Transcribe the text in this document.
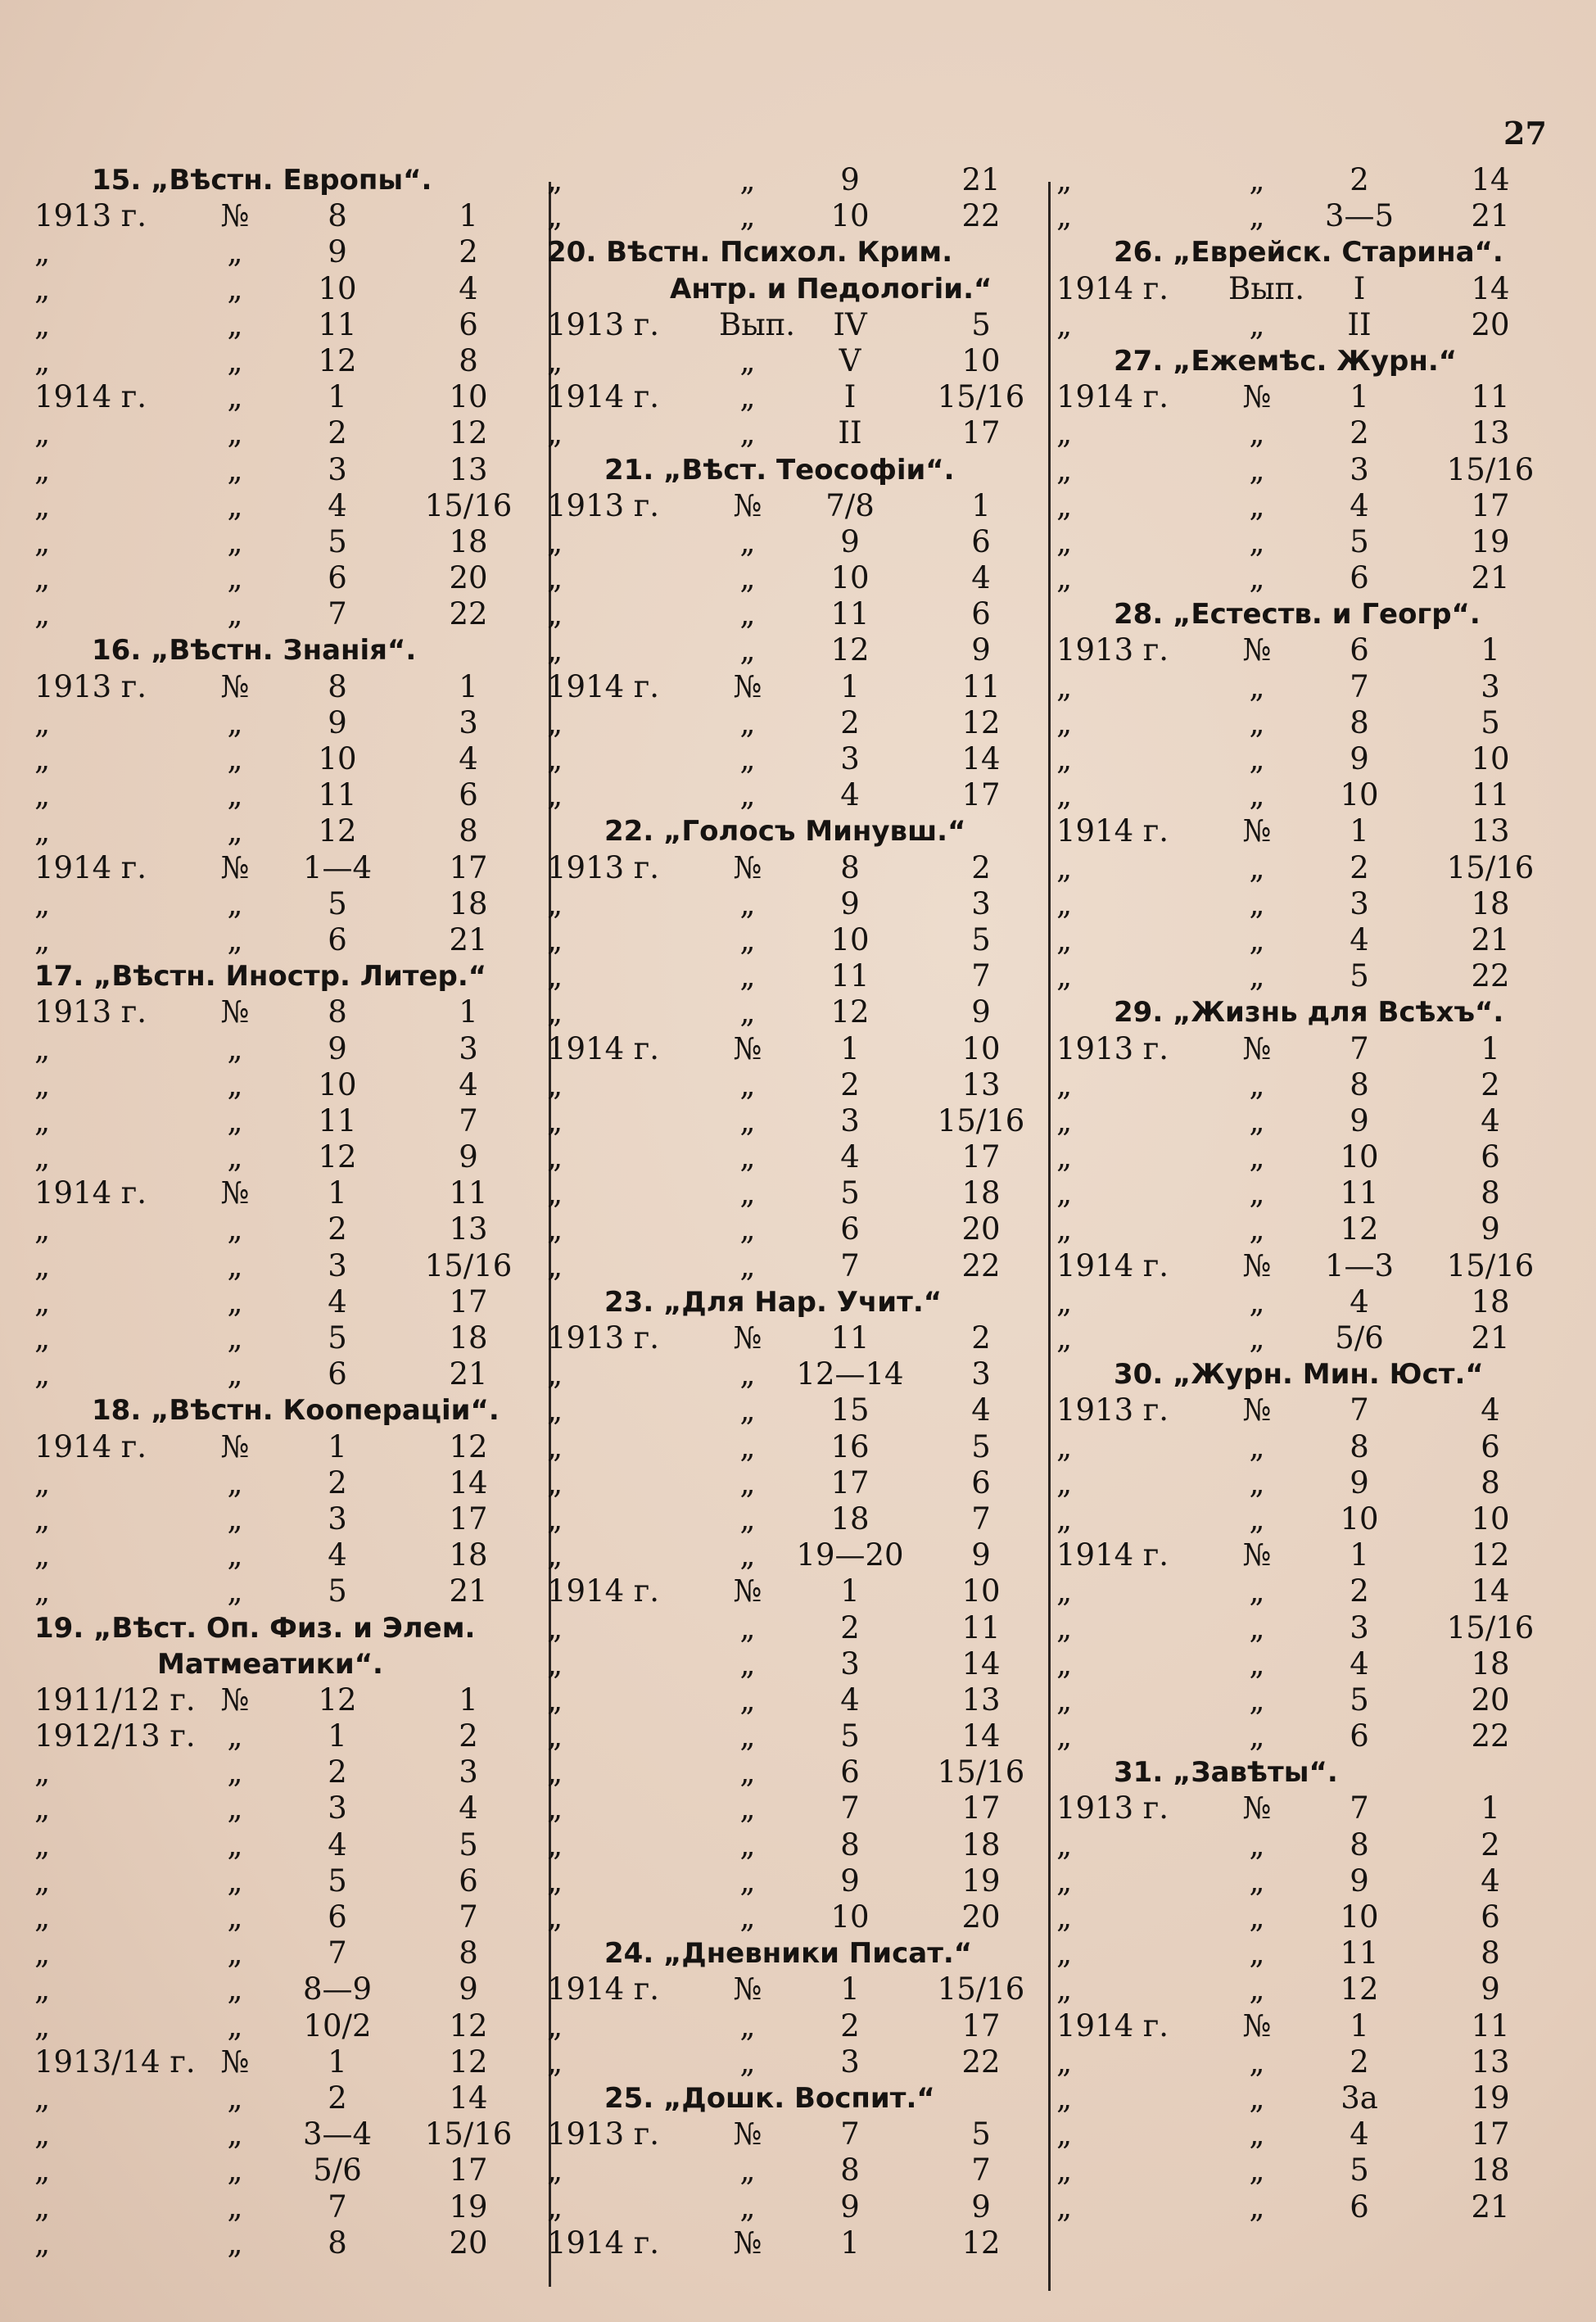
27
15. „Вѣстн. Европы“.
1913 г.	№	8	1
„	„	9	2
„	„	10	4
„	„	11	6
„	„	12	8
1914 г.	„	1	10
„	„	2	12
„	„	3	13
„	„	4	15/16
„	„	5	18
„	„	6	20
„	„	7	22
16. „Вѣстн. Знанія“.
1913 г.	№	8	1
„	„	9	3
„	„	10	4
„	„	11	6
„	„	12	8
1914 г.	№	1—4	17
„	„	5	18
„	„	6	21
17. „Вѣстн. Иностр. Литер.“
1913 г.	№	8	1
„	„	9	3
„	„	10	4
„	„	11	7
„	„	12	9
1914 г.	№	1	11
„	„	2	13
„	„	3	15/16
„	„	4	17
„	„	5	18
„	„	6	21
18. „Вѣстн. Коопераціи“.
1914 г.	№	1	12
„	„	2	14
„	„	3	17
„	„	4	18
„	„	5	21
19. „Вѣст. Оп. Физ. и Элем.
Матмеатики“.
1911/12 г. №	12	1
1912/13 г.	„	1	2
„	„	2	3
„	„	3	4
„	„	4	5
„	„	5	6
„	„	6	7
„	„	7	8
„	„	8—9	9
„	„	10/2	12
1913/14 г. №	1	12
„	„	2	14
„	„	3—4	15/16
„	„	5/6	17
„	„	7	19
„	„	8	20
„	„	9	21
„	„	10	22
20. Вѣстн. Психол. Крим.
Антр. и Педологіи.“
1913 г. Вып.	IV	5
„	„	V	10
1914 г.	„	I	15/16
„	„	II	17
21. „Вѣст. Теософіи“.
1913 г.	№	7/8	1
„	„	9	6
„	„	10	4
„	„	11	6
„	„	12	9
1914 г.	№	1	11
„	„	2	12
„	„	3	14
„	„	4	17
22. „Голосъ Минувш.“
1913 г.	№	8	2
„	„	9	3
„	„	10	5
„	„	11	7
„	„	12	9
1914 г.	№	1	10
„	„	2	13
„	„	3	15/16
„	„	4	17
„	„	5	18
„	„	6	20
„	„	7	22
23. „Для Нар. Учит.“
1913 г.	№	11	2
„	„	12—14	3
„	„	15	4
„	„	16	5
„	„	17	6
„	„	18	7
„	„	19—20	9
1914 г.	№	1	10
„	„	2	11
„	„	3	14
„	„	4	13
„	„	5	14
„	„	6	15/16
„	„	7	17
„	„	8	18
„	„	9	19
„	„	10	20
24. „Дневники Писат.“
1914 г.	№	1	15/16
„	„	2	17
„	„	3	22
25. „Дошк. Воспит.“
1913 г.	№	7	5
„	„	8	7
„	„	9	9
1914 г.	№	1	12
„	„	2	14
„	„	3—5	21
26. „Еврейск. Старина“.
1914 г. Вып.	I	14
„	„	II	20
27. „Ежемѣс. Журн.“
1914 г.	№	1	11
„	„	2	13
„	„	3	15/16
„	„	4	17
„	„	5	19
„	„	6	21
28. „Естеств. и Геогр“.
1913 г.	№	6	1
„	„	7	3
„	„	8	5
„	„	9	10
„	„	10	11
1914 г.	№	1	13
„	„	2	15/16
„	„	3	18
„	„	4	21
„	„	5	22
29. „Жизнь для Всѣхъ“.
1913 г.	№	7	1
„	„	8	2
„	„	9	4
„	„	10	6
„	„	11	8
„	„	12	9
1914 г.	№	1—3	15/16
„	„	4	18
„	„	5/6	21
30. „Журн. Мин. Юст.“
1913 г.	№	7	4
„	„	8	6
„	„	9	8
„	„	10	10
1914 г.	№	1	12
„	„	2	14
„	„	3	15/16
„	„	4	18
„	„	5	20
„	„	6	22
31. „Завѣты“.
1913 г.	№	7	1
„	„	8	2
„	„	9	4
„	„	10	6
„	„	11	8
„	„	12	9
1914 г.	№	1	11
„	„	2	13
„	„	3а	19
„	„	4	17
„	„	5	18
„	„	6	21
